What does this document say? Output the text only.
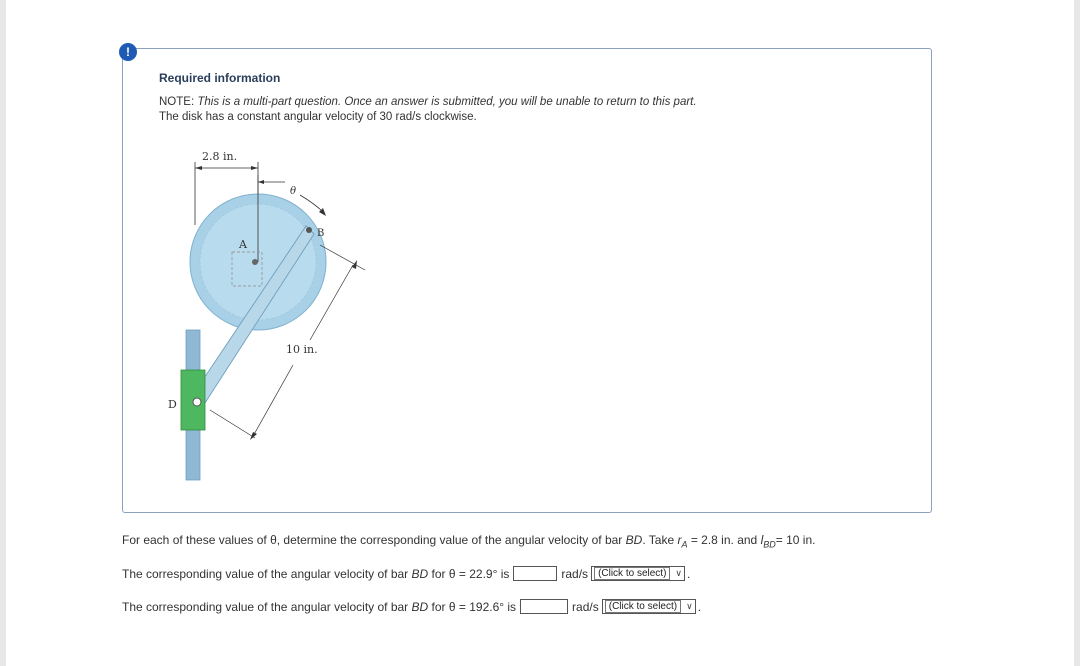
!
Required information
NOTE: This is a multi-part question. Once an answer is submitted, you will be unable to return to this part.
The disk has a constant angular velocity of 30 rad/s clockwise.
2.8 in.
θ
A
B
10 in.
D
For each of these values of θ, determine the corresponding value of the angular velocity of bar BD. Take $r_A = 2.8$ in. and $l_{BD}= 10$ in.
The corresponding value of the angular velocity of bar
BD
for θ = 22.9° is	rad/s	(Click to select)	∨ .
The corresponding value of the angular velocity of bar
BD
for θ = 192.6° is	rad/s	(Click to select)	∨ .
